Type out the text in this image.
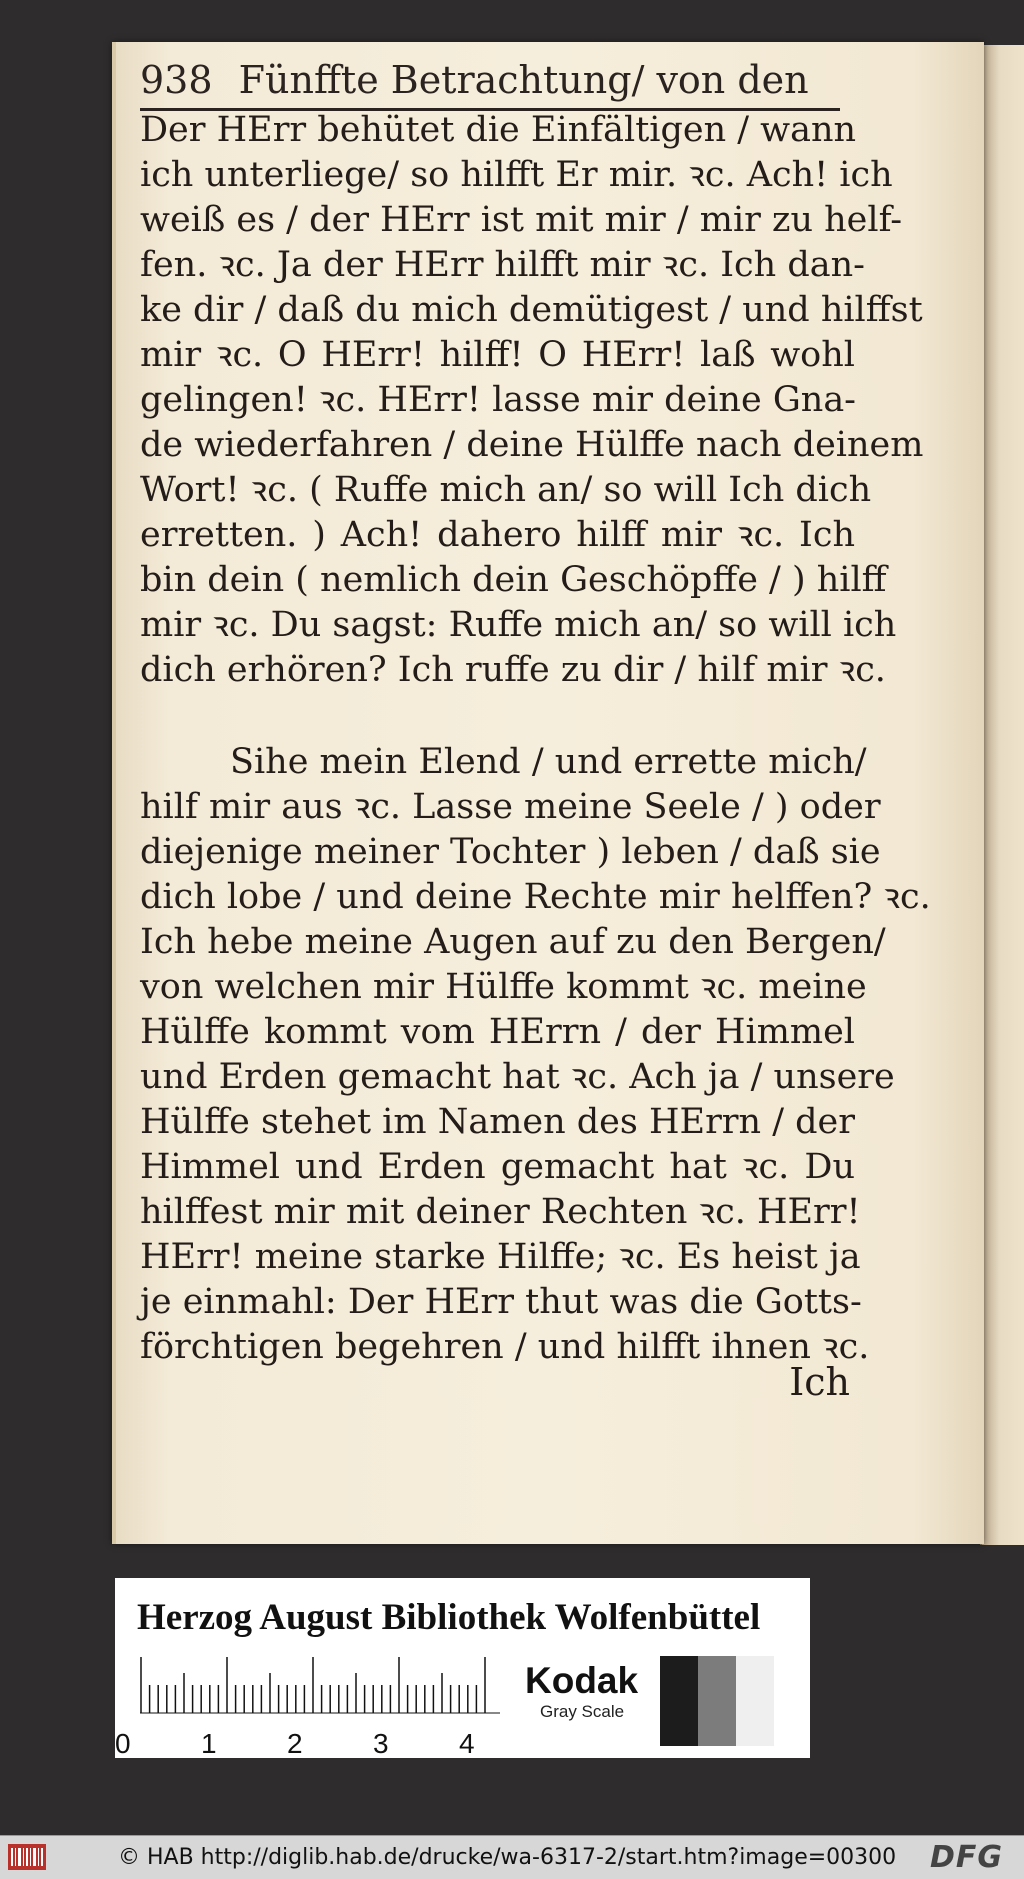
938 Fünffte Betrachtung/ von den
Der HErr behütet die Einfältigen / wann
ich unterliege/ so hilfft Er mir. ꝛc. Ach! ich
weiß es / der HErr ist mit mir / mir zu helf-
fen. ꝛc. Ja der HErr hilfft mir ꝛc. Ich dan-
ke dir / daß du mich demütigest / und hilffst
mir ꝛc. O HErr! hilff! O HErr! laß wohl
gelingen! ꝛc. HErr! lasse mir deine Gna-
de wiederfahren / deine Hülffe nach deinem
Wort! ꝛc. ( Ruffe mich an/ so will Ich dich
erretten. ) Ach! dahero hilff mir ꝛc. Ich
bin dein ( nemlich dein Geschöpffe / ) hilff
mir ꝛc. Du sagst: Ruffe mich an/ so will ich
dich erhören? Ich ruffe zu dir / hilf mir ꝛc.
Sihe mein Elend / und errette mich/
hilf mir aus ꝛc. Lasse meine Seele / ) oder
diejenige meiner Tochter ) leben / daß sie
dich lobe / und deine Rechte mir helffen? ꝛc.
Ich hebe meine Augen auf zu den Bergen/
von welchen mir Hülffe kommt ꝛc. meine
Hülffe kommt vom HErrn / der Himmel
und Erden gemacht hat ꝛc. Ach ja / unsere
Hülffe stehet im Namen des HErrn / der
Himmel und Erden gemacht hat ꝛc. Du
hilffest mir mit deiner Rechten ꝛc. HErr!
HErr! meine starke Hilffe; ꝛc. Es heist ja
je einmahl: Der HErr thut was die Gotts-
förchtigen begehren / und hilfft ihnen ꝛc.
Ich
Herzog August Bibliothek Wolfenbüttel
0	1	2	3	4
Kodak
Gray Scale
© HAB http://diglib.hab.de/drucke/wa-6317-2/start.htm?image=00300 DFG
